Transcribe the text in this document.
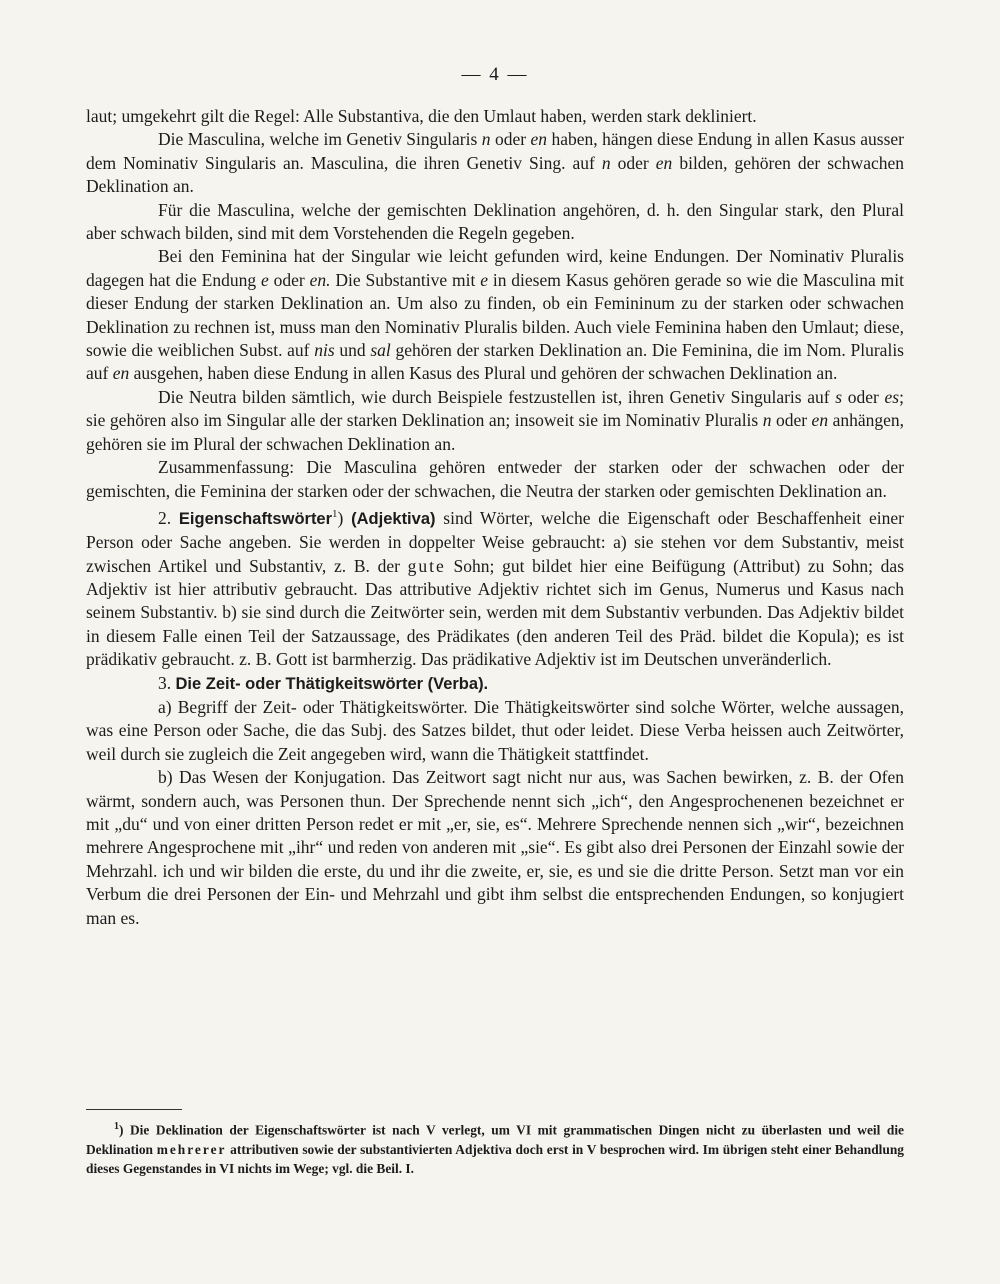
— 4 —

laut; umgekehrt gilt die Regel: Alle Substantiva, die den Umlaut haben, werden stark dekliniert.

Die Masculina, welche im Genetiv Singularis n oder en haben, hängen diese Endung in allen Kasus ausser dem Nominativ Singularis an. Masculina, die ihren Genetiv Sing. auf n oder en bilden, gehören der schwachen Deklination an.

Für die Masculina, welche der gemischten Deklination angehören, d. h. den Singular stark, den Plural aber schwach bilden, sind mit dem Vorstehenden die Regeln gegeben.

Bei den Feminina hat der Singular wie leicht gefunden wird, keine Endungen. Der Nominativ Pluralis dagegen hat die Endung e oder en. Die Substantive mit e in diesem Kasus gehören gerade so wie die Masculina mit dieser Endung der starken Deklination an. Um also zu finden, ob ein Femininum zu der starken oder schwachen Deklination zu rechnen ist, muss man den Nominativ Pluralis bilden. Auch viele Feminina haben den Umlaut; diese, sowie die weiblichen Subst. auf nis und sal gehören der starken Deklination an. Die Feminina, die im Nom. Pluralis auf en ausgehen, haben diese Endung in allen Kasus des Plural und gehören der schwachen Deklination an.

Die Neutra bilden sämtlich, wie durch Beispiele festzustellen ist, ihren Genetiv Singularis auf s oder es; sie gehören also im Singular alle der starken Deklination an; insoweit sie im Nominativ Pluralis n oder en anhängen, gehören sie im Plural der schwachen Deklination an.

Zusammenfassung: Die Masculina gehören entweder der starken oder der schwachen oder der gemischten, die Feminina der starken oder der schwachen, die Neutra der starken oder gemischten Deklination an.

2. Eigenschaftswörter$^1$) (Adjektiva) sind Wörter, welche die Eigenschaft oder Beschaffenheit einer Person oder Sache angeben. Sie werden in doppelter Weise gebraucht: a) sie stehen vor dem Substantiv, meist zwischen Artikel und Substantiv, z. B. der gute Sohn; gut bildet hier eine Beifügung (Attribut) zu Sohn; das Adjektiv ist hier attributiv gebraucht. Das attributive Adjektiv richtet sich im Genus, Numerus und Kasus nach seinem Substantiv. b) sie sind durch die Zeitwörter sein, werden mit dem Substantiv verbunden. Das Adjektiv bildet in diesem Falle einen Teil der Satzaussage, des Prädikates (den anderen Teil des Präd. bildet die Kopula); es ist prädikativ gebraucht. z. B. Gott ist barmherzig. Das prädikative Adjektiv ist im Deutschen unveränderlich.

3. Die Zeit- oder Thätigkeitswörter (Verba).

a) Begriff der Zeit- oder Thätigkeitswörter. Die Thätigkeitswörter sind solche Wörter, welche aussagen, was eine Person oder Sache, die das Subj. des Satzes bildet, thut oder leidet. Diese Verba heissen auch Zeitwörter, weil durch sie zugleich die Zeit angegeben wird, wann die Thätigkeit stattfindet.

b) Das Wesen der Konjugation. Das Zeitwort sagt nicht nur aus, was Sachen bewirken, z. B. der Ofen wärmt, sondern auch, was Personen thun. Der Sprechende nennt sich „ich“, den Angesprochenenen bezeichnet er mit „du“ und von einer dritten Person redet er mit „er, sie, es“. Mehrere Sprechende nennen sich „wir“, bezeichnen mehrere Angesprochene mit „ihr“ und reden von anderen mit „sie“. Es gibt also drei Personen der Einzahl sowie der Mehrzahl. ich und wir bilden die erste, du und ihr die zweite, er, sie, es und sie die dritte Person. Setzt man vor ein Verbum die drei Personen der Ein- und Mehrzahl und gibt ihm selbst die entsprechenden Endungen, so konjugiert man es.

$^1$) Die Deklination der Eigenschaftswörter ist nach V verlegt, um VI mit grammatischen Dingen nicht zu überlasten und weil die Deklination mehrerer attributiven sowie der substantivierten Adjektiva doch erst in V besprochen wird. Im übrigen steht einer Behandlung dieses Gegenstandes in VI nichts im Wege; vgl. die Beil. I.
